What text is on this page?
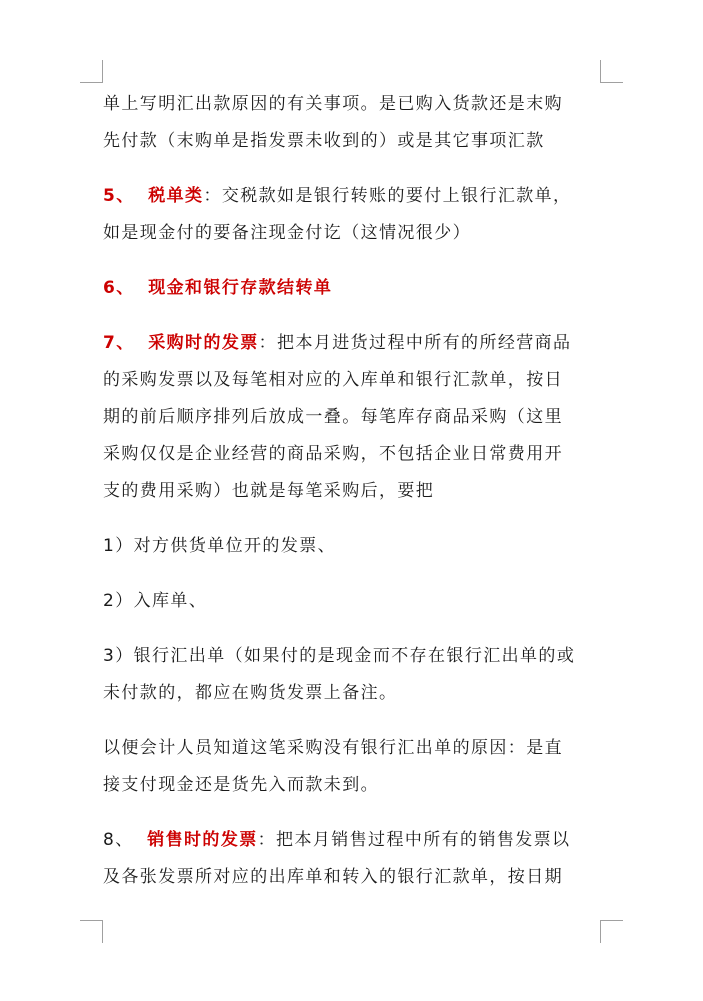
单上写明汇出款原因的有关事项。是已购入货款还是末购
先付款（末购单是指发票未收到的）或是其它事项汇款

5、 税单类：交税款如是银行转账的要付上银行汇款单，
如是现金付的要备注现金付讫（这情况很少）

6、 现金和银行存款结转单

7、 采购时的发票：把本月进货过程中所有的所经营商品
的采购发票以及每笔相对应的入库单和银行汇款单，按日
期的前后顺序排列后放成一叠。每笔库存商品采购（这里
采购仅仅是企业经营的商品采购，不包括企业日常费用开
支的费用采购）也就是每笔采购后，要把

1）对方供货单位开的发票、

2）入库单、

3）银行汇出单（如果付的是现金而不存在银行汇出单的或
未付款的，都应在购货发票上备注。

以便会计人员知道这笔采购没有银行汇出单的原因：是直
接支付现金还是货先入而款未到。

8、 销售时的发票：把本月销售过程中所有的销售发票以
及各张发票所对应的出库单和转入的银行汇款单，按日期
